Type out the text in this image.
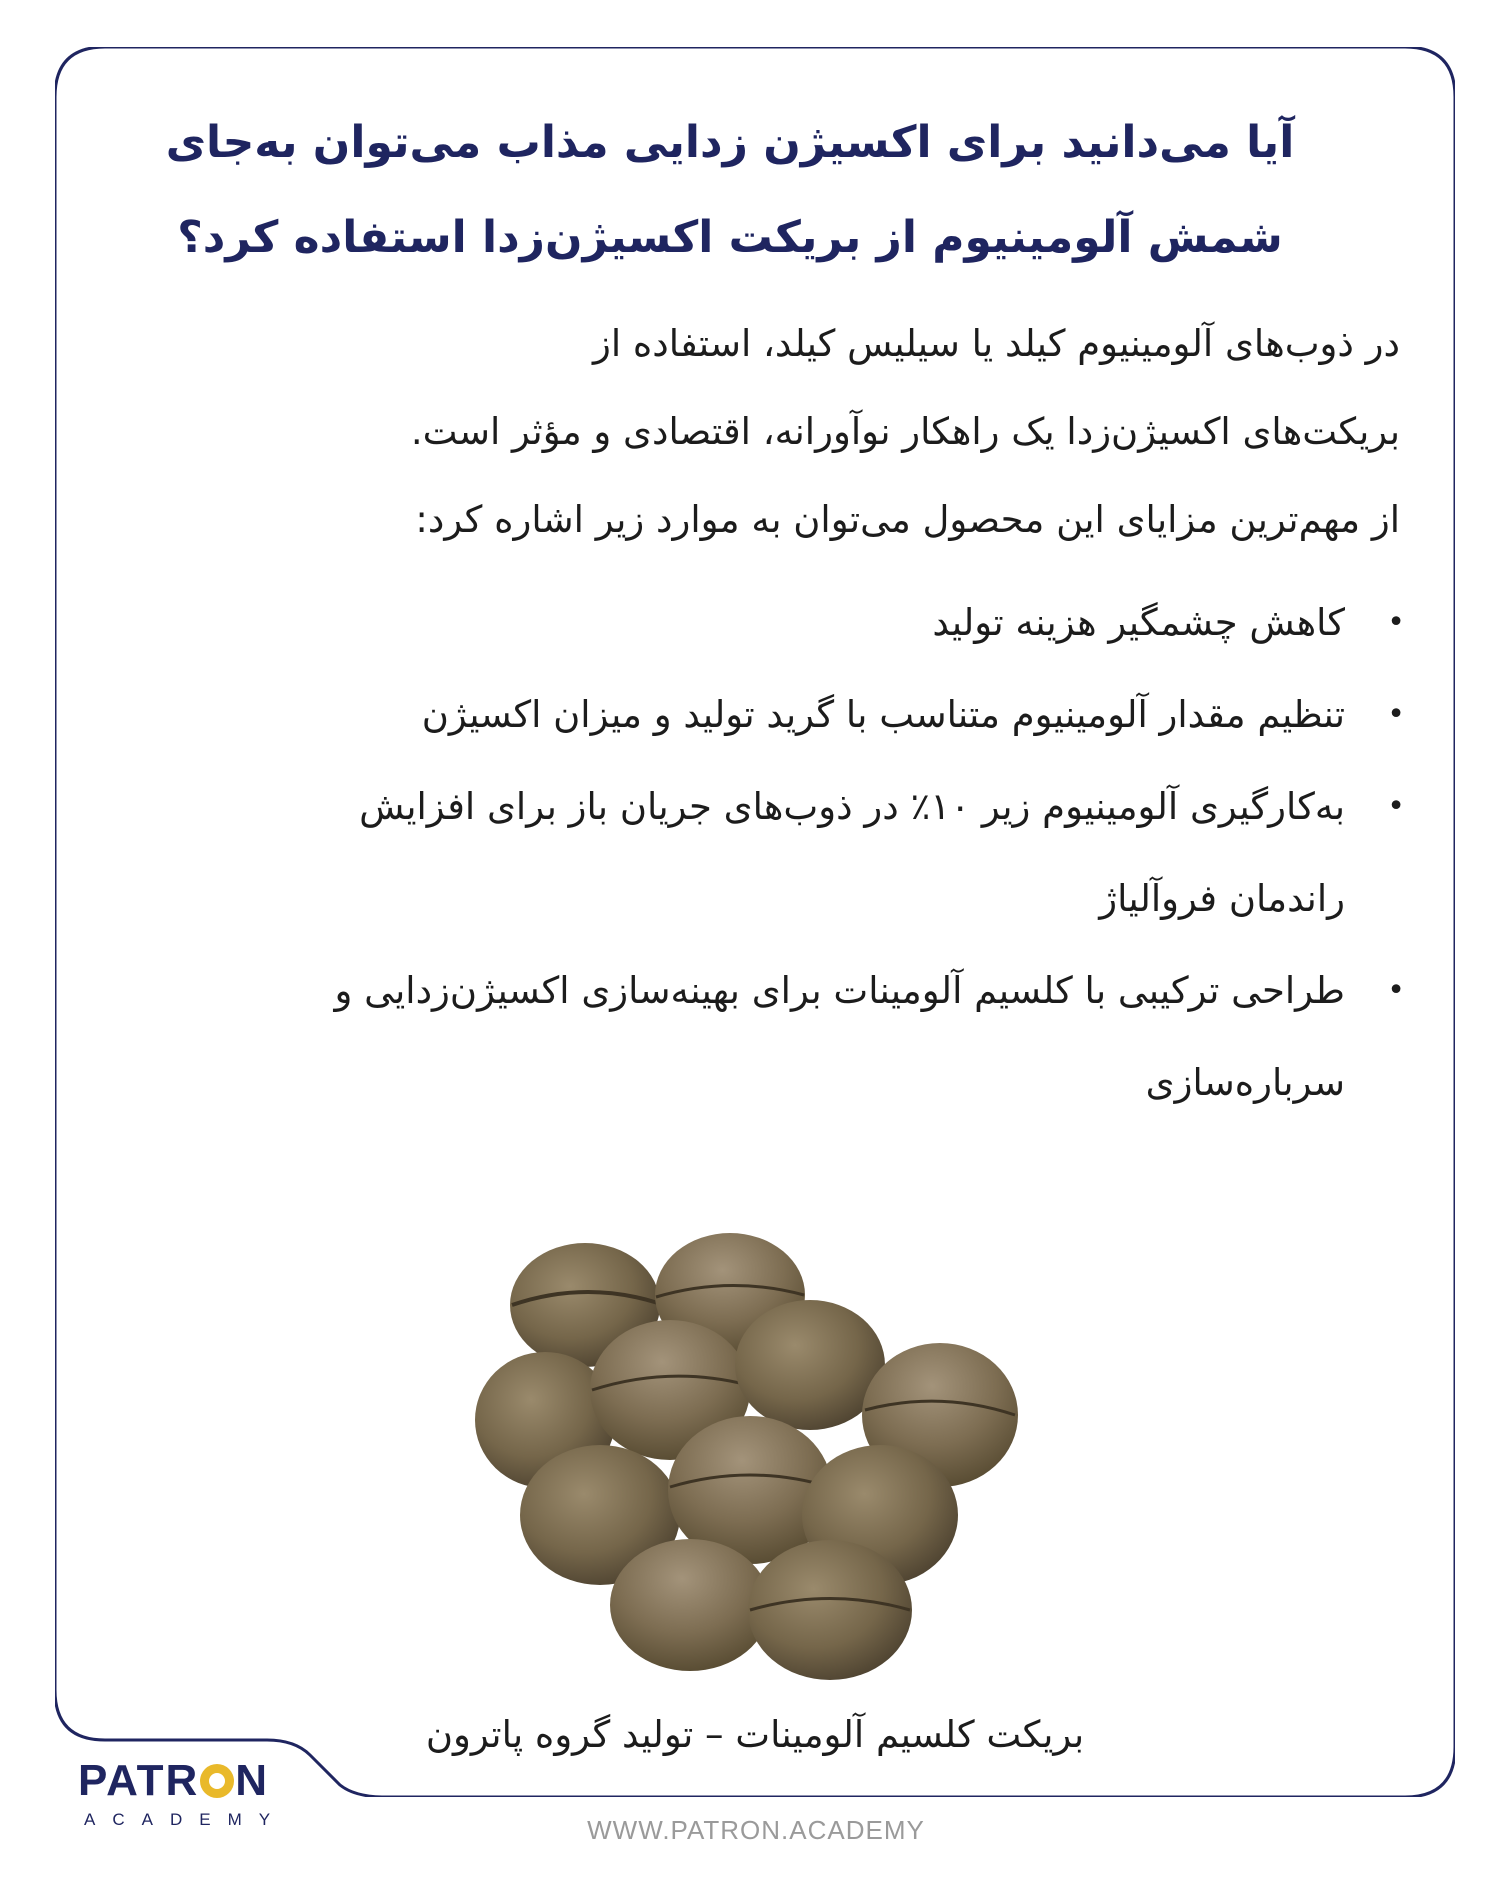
آیا می‌دانید برای اکسیژن زدایی مذاب می‌توان به‌جای
شمش آلومینیوم از بریکت اکسیژن‌زدا استفاده کرد؟

در ذوب‌های آلومینیوم کیلد یا سیلیس کیلد، استفاده از
بریکت‌های اکسیژن‌زدا یک راهکار نوآورانه، اقتصادی و مؤثر است.
از مهم‌ترین مزایای این محصول می‌توان به موارد زیر اشاره کرد:

•
کاهش چشمگیر هزینه تولید
•
تنظیم مقدار آلومینیوم متناسب با گرید تولید و میزان اکسیژن
•
به‌کارگیری آلومینیوم زیر ۱۰٪ در ذوب‌های جریان باز برای افزایش راندمان فروآلیاژ
•
طراحی ترکیبی با کلسیم آلومینات برای بهینه‌سازی اکسیژن‌زدایی و سرباره‌سازی
بریکت کلسیم آلومینات – تولید گروه پاترون
PATR N
ACADEMY	WWW.PATRON.ACADEMY
